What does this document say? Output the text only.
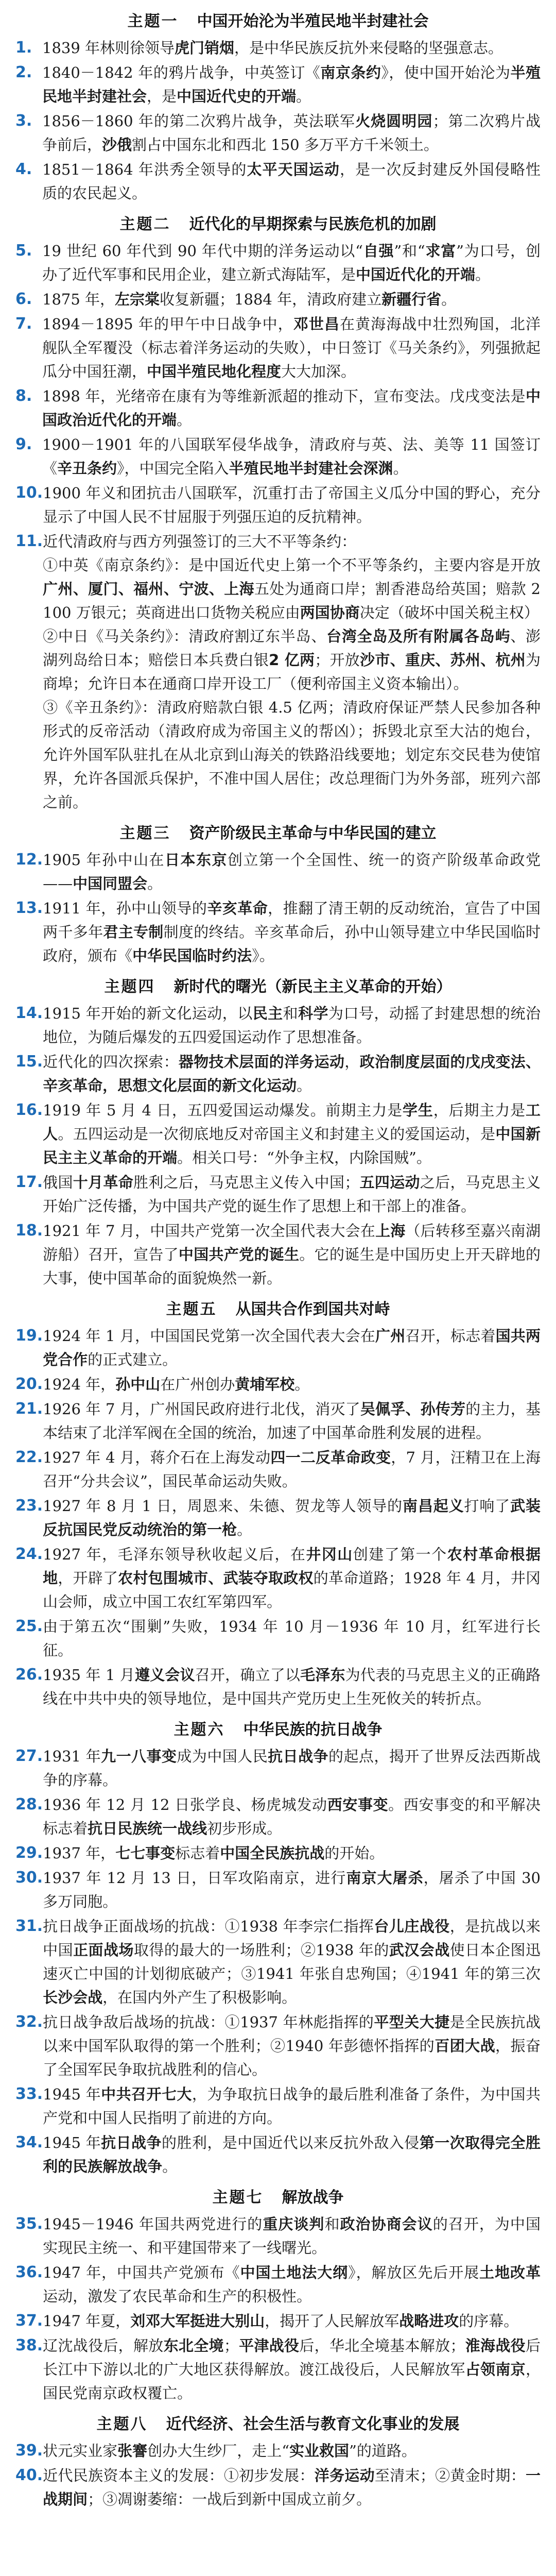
主题一 中国开始沦为半殖民地半封建社会
1. 1839 年林则徐领导虎门销烟，是中华民族反抗外来侵略的坚强意志。
2. 1840－1842 年的鸦片战争，中英签订《南京条约》，使中国开始沦为半殖民地半封建社会，是中国近代史的开端。
3. 1856－1860 年的第二次鸦片战争，英法联军火烧圆明园；第二次鸦片战争前后，沙俄割占中国东北和西北 150 多万平方千米领土。
4. 1851－1864 年洪秀全领导的太平天国运动，是一次反封建反外国侵略性质的农民起义。
主题二 近代化的早期探索与民族危机的加剧
5. 19 世纪 60 年代到 90 年代中期的洋务运动以“自强”和“求富”为口号，创办了近代军事和民用企业，建立新式海陆军，是中国近代化的开端。
6. 1875 年，左宗棠收复新疆；1884 年，清政府建立新疆行省。
7. 1894－1895 年的甲午中日战争中，邓世昌在黄海海战中壮烈殉国，北洋舰队全军覆没（标志着洋务运动的失败），中日签订《马关条约》，列强掀起瓜分中国狂潮，中国半殖民地化程度大大加深。
8. 1898 年，光绪帝在康有为等维新派超的推动下，宣布变法。戊戌变法是中国政治近代化的开端。
9. 1900－1901 年的八国联军侵华战争，清政府与英、法、美等 11 国签订《辛丑条约》，中国完全陷入半殖民地半封建社会深渊。
10. 1900 年义和团抗击八国联军，沉重打击了帝国主义瓜分中国的野心，充分显示了中国人民不甘屈服于列强压迫的反抗精神。
11. 近代清政府与西方列强签订的三大不平等条约：
①中英《南京条约》：是中国近代史上第一个不平等条约，主要内容是开放广州、厦门、福州、宁波、上海五处为通商口岸；割香港岛给英国；赔款 2 100 万银元；英商进出口货物关税应由两国协商决定（破坏中国关税主权）
②中日《马关条约》：清政府割辽东半岛、台湾全岛及所有附属各岛屿、澎湖列岛给日本；赔偿日本兵费白银2 亿两；开放沙市、重庆、苏州、杭州为商埠；允许日本在通商口岸开设工厂（便利帝国主义资本输出）。
③《辛丑条约》：清政府赔款白银 4.5 亿两；清政府保证严禁人民参加各种形式的反帝活动（清政府成为帝国主义的帮凶）；拆毁北京至大沽的炮台，允许外国军队驻扎在从北京到山海关的铁路沿线要地；划定东交民巷为使馆界，允许各国派兵保护，不准中国人居住；改总理衙门为外务部，班列六部之前。
主题三 资产阶级民主革命与中华民国的建立
12. 1905 年孙中山在日本东京创立第一个全国性、统一的资产阶级革命政党——中国同盟会。
13. 1911 年，孙中山领导的辛亥革命，推翻了清王朝的反动统治，宣告了中国两千多年君主专制制度的终结。辛亥革命后，孙中山领导建立中华民国临时政府，颁布《中华民国临时约法》。
主题四 新时代的曙光（新民主主义革命的开始）
14. 1915 年开始的新文化运动，以民主和科学为口号，动摇了封建思想的统治地位，为随后爆发的五四爱国运动作了思想准备。
15. 近代化的四次探索：器物技术层面的洋务运动，政治制度层面的戊戌变法、辛亥革命，思想文化层面的新文化运动。
16. 1919 年 5 月 4 日，五四爱国运动爆发。前期主力是学生，后期主力是工人。五四运动是一次彻底地反对帝国主义和封建主义的爱国运动，是中国新民主主义革命的开端。相关口号：“外争主权，内除国贼”。
17. 俄国十月革命胜利之后，马克思主义传入中国；五四运动之后，马克思主义开始广泛传播，为中国共产党的诞生作了思想上和干部上的准备。
18. 1921 年 7 月，中国共产党第一次全国代表大会在上海（后转移至嘉兴南湖游船）召开，宣告了中国共产党的诞生。它的诞生是中国历史上开天辟地的大事，使中国革命的面貌焕然一新。
主题五 从国共合作到国共对峙
19. 1924 年 1 月，中国国民党第一次全国代表大会在广州召开，标志着国共两党合作的正式建立。
20. 1924 年，孙中山在广州创办黄埔军校。
21. 1926 年 7 月，广州国民政府进行北伐，消灭了吴佩孚、孙传芳的主力，基本结束了北洋军阀在全国的统治，加速了中国革命胜利发展的进程。
22. 1927 年 4 月，蒋介石在上海发动四一二反革命政变，7 月，汪精卫在上海召开“分共会议”，国民革命运动失败。
23. 1927 年 8 月 1 日，周恩来、朱德、贺龙等人领导的南昌起义打响了武装反抗国民党反动统治的第一枪。
24. 1927 年，毛泽东领导秋收起义后，在井冈山创建了第一个农村革命根据地，开辟了农村包围城市、武装夺取政权的革命道路；1928 年 4 月，井冈山会师，成立中国工农红军第四军。
25. 由于第五次“围剿”失败，1934 年 10 月－1936 年 10 月，红军进行长征。
26. 1935 年 1 月遵义会议召开，确立了以毛泽东为代表的马克思主义的正确路线在中共中央的领导地位，是中国共产党历史上生死攸关的转折点。
主题六 中华民族的抗日战争
27. 1931 年九一八事变成为中国人民抗日战争的起点，揭开了世界反法西斯战争的序幕。
28. 1936 年 12 月 12 日张学良、杨虎城发动西安事变。西安事变的和平解决标志着抗日民族统一战线初步形成。
29. 1937 年，七七事变标志着中国全民族抗战的开始。
30. 1937 年 12 月 13 日，日军攻陷南京，进行南京大屠杀，屠杀了中国 30 多万同胞。
31. 抗日战争正面战场的抗战：①1938 年李宗仁指挥台儿庄战役，是抗战以来中国正面战场取得的最大的一场胜利；②1938 年的武汉会战使日本企图迅速灭亡中国的计划彻底破产；③1941 年张自忠殉国；④1941 年的第三次长沙会战，在国内外产生了积极影响。
32. 抗日战争敌后战场的抗战：①1937 年林彪指挥的平型关大捷是全民族抗战以来中国军队取得的第一个胜利；②1940 年彭德怀指挥的百团大战，振奋了全国军民争取抗战胜利的信心。
33. 1945 年中共召开七大，为争取抗日战争的最后胜利准备了条件，为中国共产党和中国人民指明了前进的方向。
34. 1945 年抗日战争的胜利，是中国近代以来反抗外敌入侵第一次取得完全胜利的民族解放战争。
主题七 解放战争
35. 1945－1946 年国共两党进行的重庆谈判和政治协商会议的召开，为中国实现民主统一、和平建国带来了一线曙光。
36. 1947 年，中国共产党颁布《中国土地法大纲》，解放区先后开展土地改革运动，激发了农民革命和生产的积极性。
37. 1947 年夏，刘邓大军挺进大别山，揭开了人民解放军战略进攻的序幕。
38. 辽沈战役后，解放东北全境；平津战役后，华北全境基本解放；淮海战役后长江中下游以北的广大地区获得解放。渡江战役后，人民解放军占领南京，国民党南京政权覆亡。
主题八 近代经济、社会生活与教育文化事业的发展
39. 状元实业家张謇创办大生纱厂，走上“实业救国”的道路。
40. 近代民族资本主义的发展：①初步发展：洋务运动至清末；②黄金时期：一战期间；③凋谢萎缩：一战后到新中国成立前夕。
